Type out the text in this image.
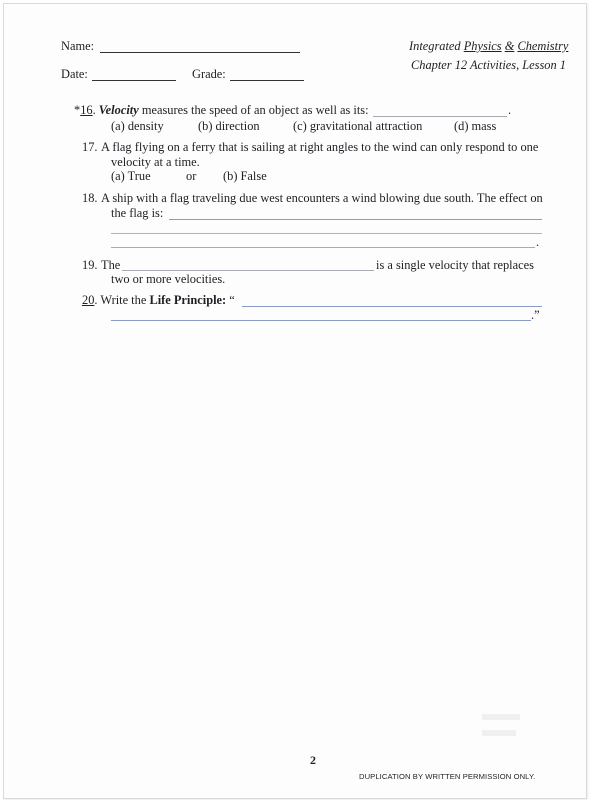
Name:
Date:	Grade:
Integrated Physics & Chemistry
Chapter 12 Activities, Lesson 1
*16. Velocity measures the speed of an object as well as its:	.
(a) density	(b) direction	(c) gravitational attraction	(d) mass
17. A flag flying on a ferry that is sailing at right angles to the wind can only respond to one
velocity at a time.
(a) True	or (b) False
18. A ship with a flag traveling due west encounters a wind blowing due south. The effect on
the flag is:
.
19. The	is a single velocity that replaces
two or more velocities.
20. Write the Life Principle: “
.”
2
DUPLICATION BY WRITTEN PERMISSION ONLY.
